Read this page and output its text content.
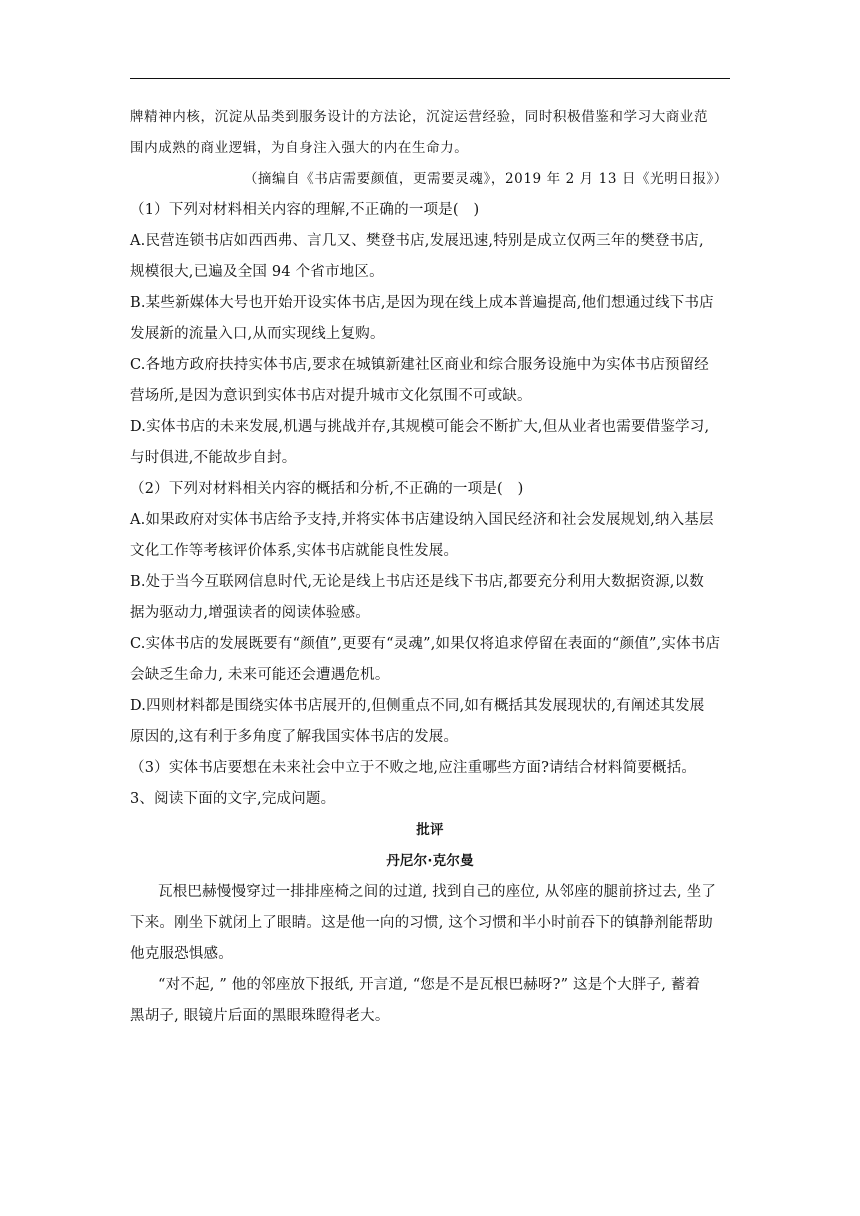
牌精神内核，沉淀从品类到服务设计的方法论，沉淀运营经验，同时积极借鉴和学习大商业范
围内成熟的商业逻辑，为自身注入强大的内在生命力。
（摘编自《书店需要颜值，更需要灵魂》，2019 年 2 月 13 日《光明日报》）
（1）下列对材料相关内容的理解,不正确的一项是(　)
A.民营连锁书店如西西弗、言几又、樊登书店,发展迅速,特别是成立仅两三年的樊登书店,
规模很大,已遍及全国 94 个省市地区。
B.某些新媒体大号也开始开设实体书店,是因为现在线上成本普遍提高,他们想通过线下书店
发展新的流量入口,从而实现线上复购。
C.各地方政府扶持实体书店,要求在城镇新建社区商业和综合服务设施中为实体书店预留经
营场所,是因为意识到实体书店对提升城市文化氛围不可或缺。
D.实体书店的未来发展,机遇与挑战并存,其规模可能会不断扩大,但从业者也需要借鉴学习,
与时俱进,不能故步自封。
（2）下列对材料相关内容的概括和分析,不正确的一项是(　)
A.如果政府对实体书店给予支持,并将实体书店建设纳入国民经济和社会发展规划,纳入基层
文化工作等考核评价体系,实体书店就能良性发展。
B.处于当今互联网信息时代,无论是线上书店还是线下书店,都要充分利用大数据资源,以数
据为驱动力,增强读者的阅读体验感。
C.实体书店的发展既要有“颜值”,更要有“灵魂”,如果仅将追求停留在表面的“颜值”,实体书店
会缺乏生命力, 未来可能还会遭遇危机。
D.四则材料都是围绕实体书店展开的,但侧重点不同,如有概括其发展现状的,有阐述其发展
原因的,这有利于多角度了解我国实体书店的发展。
（3）实体书店要想在未来社会中立于不败之地,应注重哪些方面?请结合材料简要概括。
3、阅读下面的文字,完成问题。
批评
丹尼尔·克尔曼
瓦根巴赫慢慢穿过一排排座椅之间的过道, 找到自己的座位, 从邻座的腿前挤过去, 坐了
下来。刚坐下就闭上了眼睛。这是他一向的习惯, 这个习惯和半小时前吞下的镇静剂能帮助
他克服恐惧感。
“对不起, ” 他的邻座放下报纸, 开言道, “您是不是瓦根巴赫呀?” 这是个大胖子, 蓄着
黑胡子, 眼镜片后面的黑眼珠瞪得老大。
